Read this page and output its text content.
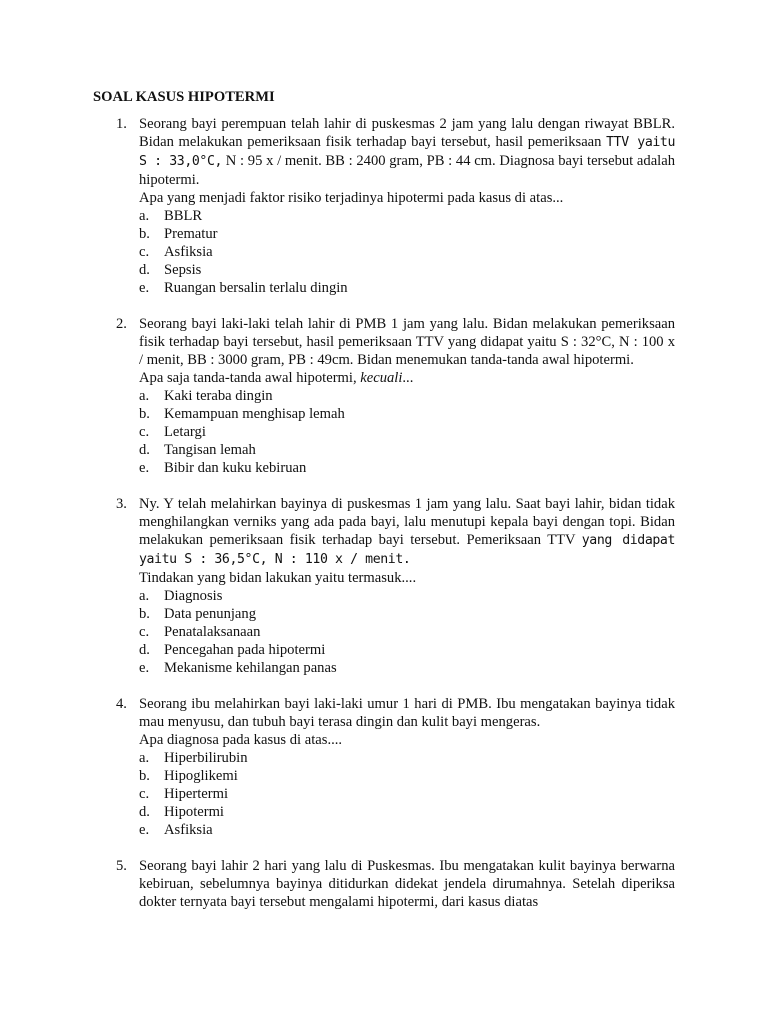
SOAL KASUS HIPOTERMI
1. Seorang bayi perempuan telah lahir di puskesmas 2 jam yang lalu dengan riwayat BBLR. Bidan melakukan pemeriksaan fisik terhadap bayi tersebut, hasil pemeriksaan TTV yaitu S : 33,0°C, N : 95 x / menit. BB : 2400 gram, PB : 44 cm. Diagnosa bayi tersebut adalah hipotermi.
Apa yang menjadi faktor risiko terjadinya hipotermi pada kasus di atas...
a.	BBLR
b. Prematur
c.	Asfiksia
d. Sepsis
e.	Ruangan bersalin terlalu dingin
2. Seorang bayi laki-laki telah lahir di PMB 1 jam yang lalu. Bidan melakukan pemeriksaan fisik terhadap bayi tersebut, hasil pemeriksaan TTV yang didapat yaitu S : 32°C, N : 100 x / menit, BB : 3000 gram, PB : 49cm. Bidan menemukan tanda-tanda awal hipotermi.
Apa saja tanda-tanda awal hipotermi, kecuali...
a.	Kaki teraba dingin
b. Kemampuan menghisap lemah
c.	Letargi
d. Tangisan lemah
e.	Bibir dan kuku kebiruan
3. Ny. Y telah melahirkan bayinya di puskesmas 1 jam yang lalu. Saat bayi lahir, bidan tidak menghilangkan verniks yang ada pada bayi, lalu menutupi kepala bayi dengan topi. Bidan melakukan pemeriksaan fisik terhadap bayi tersebut. Pemeriksaan TTV yang didapat yaitu S : 36,5°C, N : 110 x / menit.
Tindakan yang bidan lakukan yaitu termasuk....
a.	Diagnosis
b. Data penunjang
c.	Penatalaksanaan
d. Pencegahan pada hipotermi
e.	Mekanisme kehilangan panas
4. Seorang ibu melahirkan bayi laki-laki umur 1 hari di PMB. Ibu mengatakan bayinya tidak mau menyusu, dan tubuh bayi terasa dingin dan kulit bayi mengeras.
Apa diagnosa pada kasus di atas....
a.	Hiperbilirubin
b. Hipoglikemi
c.	Hipertermi
d. Hipotermi
e.	Asfiksia
5. Seorang bayi lahir 2 hari yang lalu di Puskesmas. Ibu mengatakan kulit bayinya berwarna kebiruan, sebelumnya bayinya ditidurkan didekat jendela dirumahnya. Setelah diperiksa dokter ternyata bayi tersebut mengalami hipotermi, dari kasus diatas
